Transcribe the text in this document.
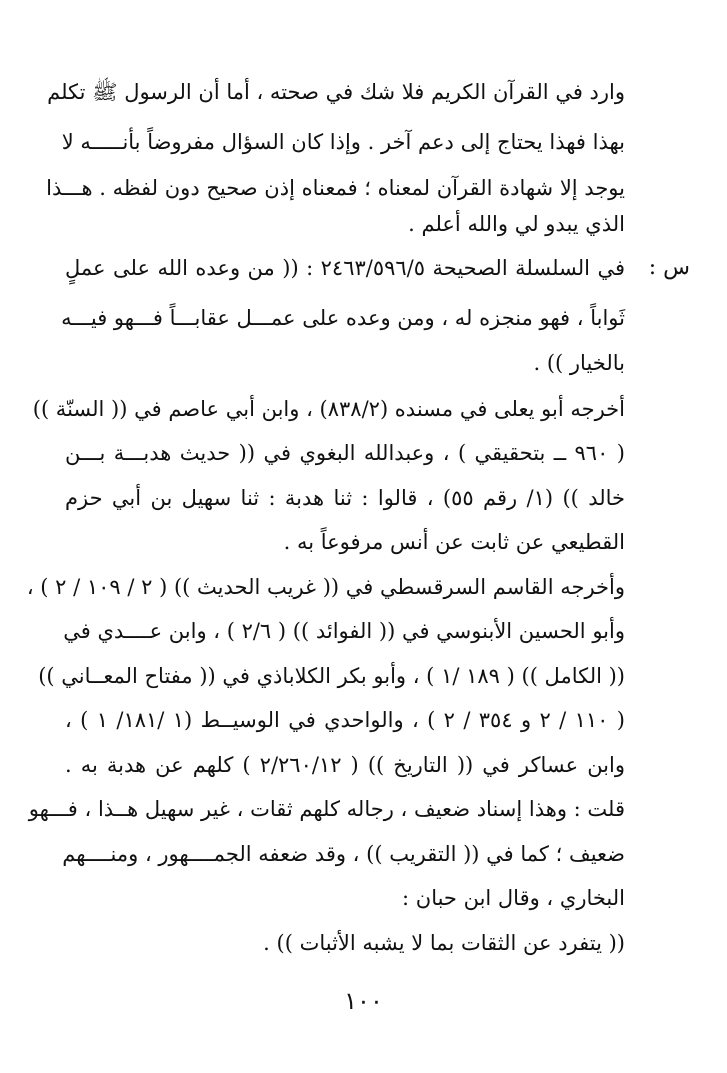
وارد في القرآن الكريم فلا شك في صحته ، أما أن الرسول ﷺ تكلم
بهذا فهذا يحتاج إلى دعم آخر . وإذا كان السؤال مفروضاً بأنـــــه لا
يوجد إلا شهادة القرآن لمعناه ؛ فمعناه إذن صحيح دون لفظه . هـــذا
الذي يبدو لي والله أعلم .
س :
في السلسلة الصحيحة ٢٤٦٣/٥٩٦/٥ : (( من وعده الله على عملٍ
ثَواباً ، فهو منجزه له ، ومن وعده على عمـــل عقابـــاً فـــهو فيـــه
بالخيار )) .
أخرجه أبو يعلى في مسنده (٨٣٨/٢) ، وابن أبي عاصم في (( السنّة ))
( ٩٦٠ ــ بتحقيقي ) ، وعبدالله البغوي في (( حديث هدبـــة بـــن
خالد )) (١/ رقم ٥٥) ، قالوا : ثنا هدبة : ثنا سهيل بن أبي حزم
القطيعي عن ثابت عن أنس مرفوعاً به .
وأخرجه القاسم السرقسطي في (( غريب الحديث )) ( ٢ / ١٠٩ / ٢ ) ،
وأبو الحسين الأبنوسي في (( الفوائد )) ( ٢/٦ ) ، وابن عــــدي في
(( الكامل )) ( ١٨٩ /١ ) ، وأبو بكر الكلاباذي في (( مفتاح المعــاني ))
( ١١٠ / ٢ و ٣٥٤ / ٢ ) ، والواحدي في الوسيــط (١ /١٨١/ ١ ) ،
وابن عساكر في (( التاريخ )) ( ٢/٢٦٠/١٢ ) كلهم عن هدبة به .
قلت : وهذا إسناد ضعيف ، رجاله كلهم ثقات ، غير سهيل هــذا ، فـــهو
ضعيف ؛ كما في (( التقريب )) ، وقد ضعفه الجمــــهور ، ومنــــهم
البخاري ، وقال ابن حبان :
(( يتفرد عن الثقات بما لا يشبه الأثبات )) .
١٠٠
